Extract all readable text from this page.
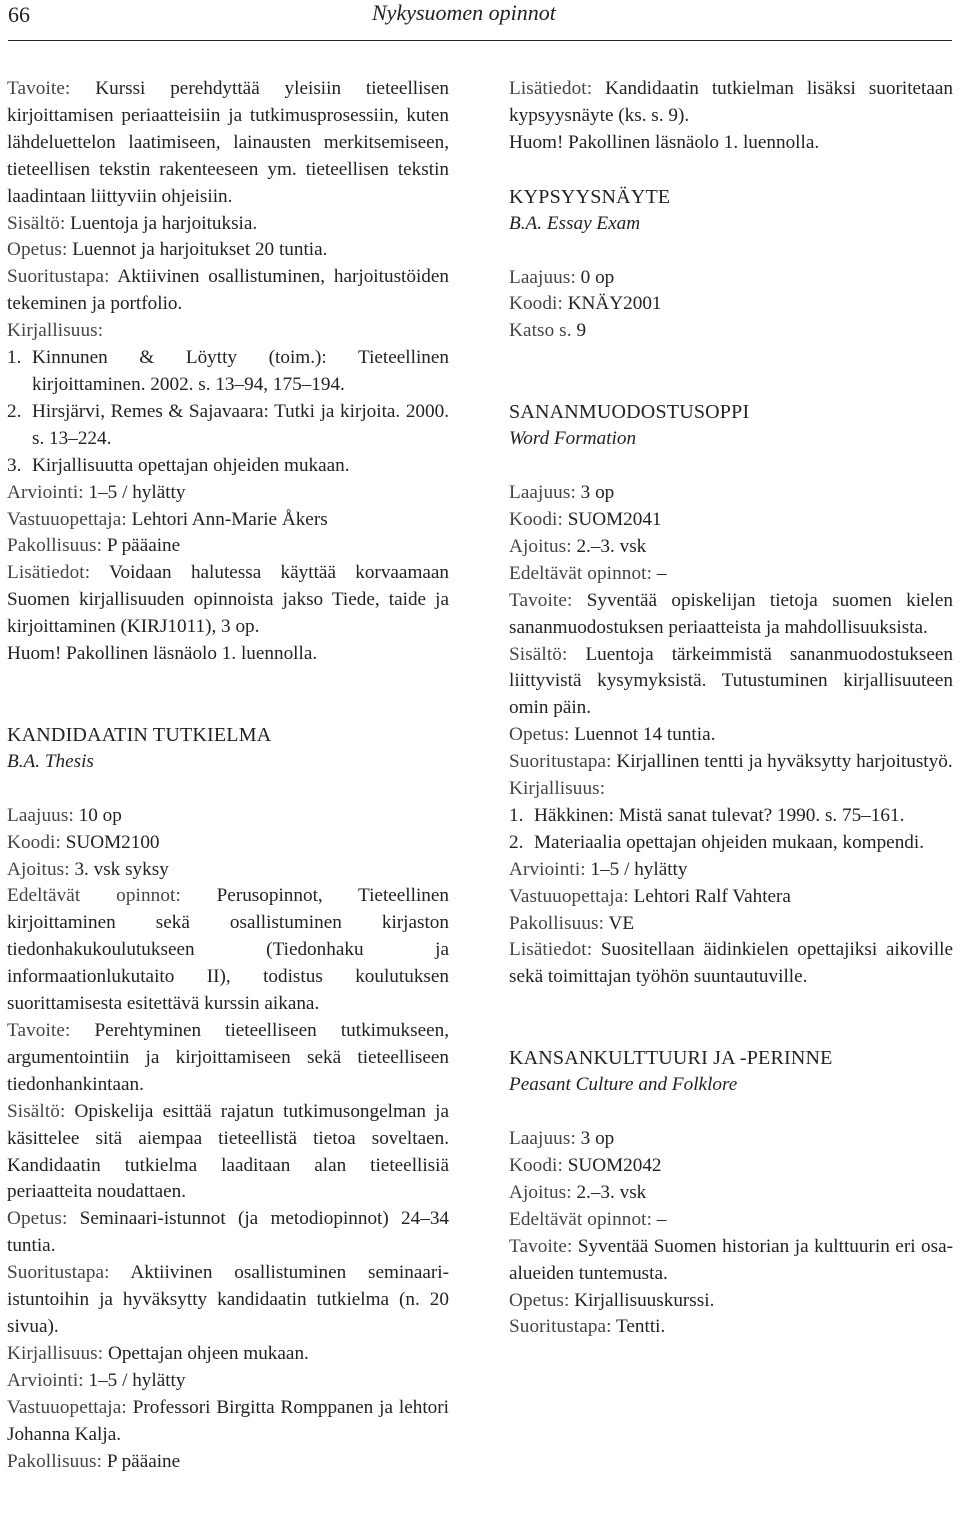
66	Nykysuomen opinnot

Tavoite: Kurssi perehdyttää yleisiin tieteellisen kirjoittamisen periaatteisiin ja tutkimusprosessiin, kuten lähdeluettelon laatimiseen, lainausten merkitsemiseen, tieteellisen tekstin rakenteeseen ym. tieteellisen tekstin laadintaan liittyviin ohjeisiin.

Sisältö: Luentoja ja harjoituksia.

Opetus: Luennot ja harjoitukset 20 tuntia.

Suoritustapa: Aktiivinen osallistuminen, harjoitustöiden tekeminen ja portfolio.

Kirjallisuus:

1. Kinnunen & Löytty (toim.): Tieteellinen kirjoittaminen. 2002. s. 13–94, 175–194.
2. Hirsjärvi, Remes & Sajavaara: Tutki ja kirjoita. 2000. s. 13–224.
3. Kirjallisuutta opettajan ohjeiden mukaan.

Arviointi: 1–5 / hylätty

Vastuuopettaja: Lehtori Ann-Marie Åkers

Pakollisuus: P pääaine

Lisätiedot: Voidaan halutessa käyttää korvaamaan Suomen kirjallisuuden opinnoista jakso Tiede, taide ja kirjoittaminen (KIRJ1011), 3 op.

Huom! Pakollinen läsnäolo 1. luennolla.

KANDIDAATIN TUTKIELMA

B.A. Thesis

Laajuus: 10 op

Koodi: SUOM2100

Ajoitus: 3. vsk syksy

Edeltävät opinnot: Perusopinnot, Tieteellinen kirjoittaminen sekä osallistuminen kirjaston tiedonhakukoulutukseen (Tiedonhaku ja informaationlukutaito II), todistus koulutuksen suorittamisesta esitettävä kurssin aikana.

Tavoite: Perehtyminen tieteelliseen tutkimukseen, argumentointiin ja kirjoittamiseen sekä tieteelliseen tiedonhankintaan.

Sisältö: Opiskelija esittää rajatun tutkimusongelman ja käsittelee sitä aiempaa tieteellistä tietoa soveltaen. Kandidaatin tutkielma laaditaan alan tieteellisiä periaatteita noudattaen.

Opetus: Seminaari-istunnot (ja metodiopinnot) 24–34 tuntia.

Suoritustapa: Aktiivinen osallistuminen seminaari-istuntoihin ja hyväksytty kandidaatin tutkielma (n. 20 sivua).

Kirjallisuus: Opettajan ohjeen mukaan.

Arviointi: 1–5 / hylätty

Vastuuopettaja: Professori Birgitta Romppanen ja lehtori Johanna Kalja.

Pakollisuus: P pääaine

Lisätiedot: Kandidaatin tutkielman lisäksi suoritetaan kypsyysnäyte (ks. s. 9).

Huom! Pakollinen läsnäolo 1. luennolla.

KYPSYYSNÄYTE

B.A. Essay Exam

Laajuus: 0 op

Koodi: KNÄY2001

Katso s. 9

SANANMUODOSTUSOPPI

Word Formation

Laajuus: 3 op

Koodi: SUOM2041

Ajoitus: 2.–3. vsk

Edeltävät opinnot: –

Tavoite: Syventää opiskelijan tietoja suomen kielen sananmuodostuksen periaatteista ja mahdollisuuksista.

Sisältö: Luentoja tärkeimmistä sananmuodostukseen liittyvistä kysymyksistä. Tutustuminen kirjallisuuteen omin päin.

Opetus: Luennot 14 tuntia.

Suoritustapa: Kirjallinen tentti ja hyväksytty harjoitustyö.

Kirjallisuus:

1. Häkkinen: Mistä sanat tulevat? 1990. s. 75–161.
2. Materiaalia opettajan ohjeiden mukaan, kompendi.

Arviointi: 1–5 / hylätty

Vastuuopettaja: Lehtori Ralf Vahtera

Pakollisuus: VE

Lisätiedot: Suositellaan äidinkielen opettajiksi aikoville sekä toimittajan työhön suuntautuville.

KANSANKULTTUURI JA -PERINNE

Peasant Culture and Folklore

Laajuus: 3 op

Koodi: SUOM2042

Ajoitus: 2.–3. vsk

Edeltävät opinnot: –

Tavoite: Syventää Suomen historian ja kulttuurin eri osa-alueiden tuntemusta.

Opetus: Kirjallisuuskurssi.

Suoritustapa: Tentti.
